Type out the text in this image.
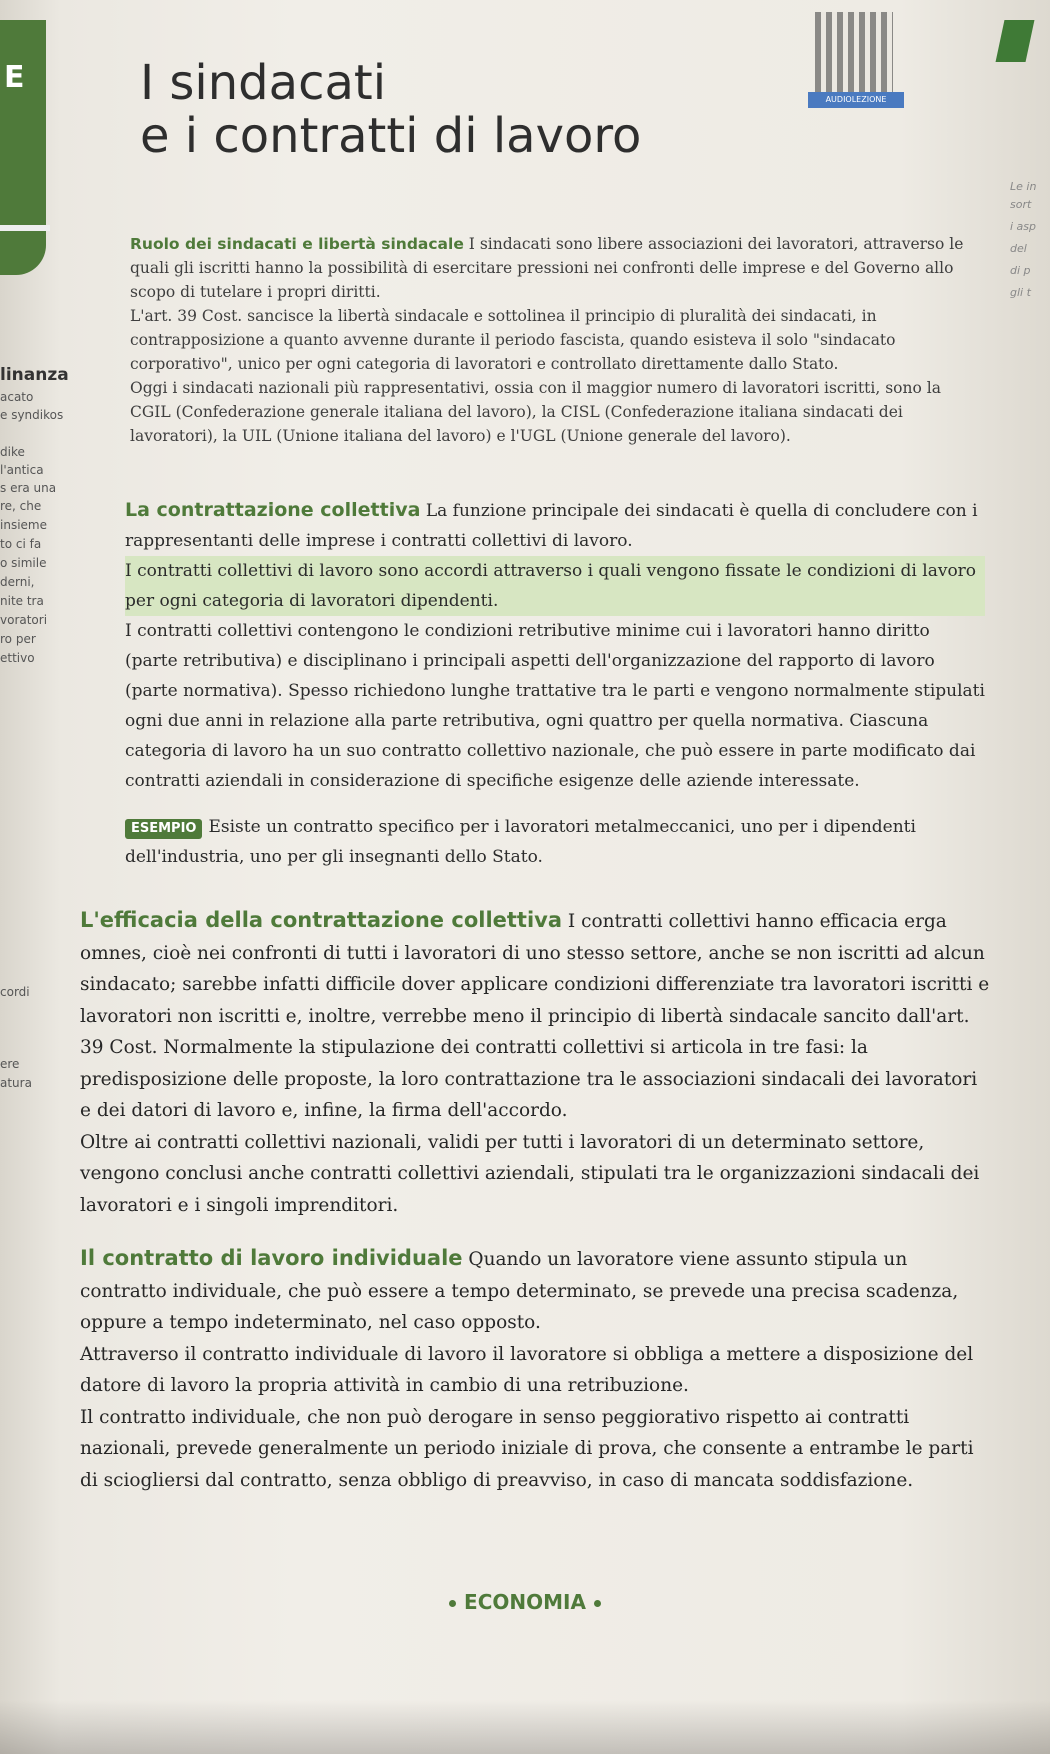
E I sindacati
e i contratti di lavoro
AUDIOLEZIONE
linanza
acato
e syndikos
dike
l'antica
s era una
re, che
insieme
to ci fa
o simile
derni,
nite tra
voratori
ro per
ettivo
cordi
ere
atura
Le in
sort
i asp
del
di p
gli t

Ruolo dei sindacati e libertà sindacale I sindacati sono libere associazioni dei lavoratori, attraverso le quali gli iscritti hanno la possibilità di esercitare pressioni nei confronti delle imprese e del Governo allo scopo di tutelare i propri diritti.

L'art. 39 Cost. sancisce la libertà sindacale e sottolinea il principio di pluralità dei sindacati, in contrapposizione a quanto avvenne durante il periodo fascista, quando esisteva il solo "sindacato corporativo", unico per ogni categoria di lavoratori e controllato direttamente dallo Stato.

Oggi i sindacati nazionali più rappresentativi, ossia con il maggior numero di lavoratori iscritti, sono la CGIL (Confederazione generale italiana del lavoro), la CISL (Confederazione italiana sindacati dei lavoratori), la UIL (Unione italiana del lavoro) e l'UGL (Unione generale del lavoro).

La contrattazione collettiva La funzione principale dei sindacati è quella di concludere con i rappresentanti delle imprese i contratti collettivi di lavoro.

I contratti collettivi di lavoro sono accordi attraverso i quali vengono fissate le condizioni di lavoro per ogni categoria di lavoratori dipendenti.

I contratti collettivi contengono le condizioni retributive minime cui i lavoratori hanno diritto (parte retributiva) e disciplinano i principali aspetti dell'organizzazione del rapporto di lavoro (parte normativa). Spesso richiedono lunghe trattative tra le parti e vengono normalmente stipulati ogni due anni in relazione alla parte retributiva, ogni quattro per quella normativa. Ciascuna categoria di lavoro ha un suo contratto collettivo nazionale, che può essere in parte modificato dai contratti aziendali in considerazione di specifiche esigenze delle aziende interessate.

ESEMPIO Esiste un contratto specifico per i lavoratori metalmeccanici, uno per i dipendenti dell'industria, uno per gli insegnanti dello Stato.

L'efficacia della contrattazione collettiva I contratti collettivi hanno efficacia erga omnes, cioè nei confronti di tutti i lavoratori di uno stesso settore, anche se non iscritti ad alcun sindacato; sarebbe infatti difficile dover applicare condizioni differenziate tra lavoratori iscritti e lavoratori non iscritti e, inoltre, verrebbe meno il principio di libertà sindacale sancito dall'art. 39 Cost. Normalmente la stipulazione dei contratti collettivi si articola in tre fasi: la predisposizione delle proposte, la loro contrattazione tra le associazioni sindacali dei lavoratori e dei datori di lavoro e, infine, la firma dell'accordo.

Oltre ai contratti collettivi nazionali, validi per tutti i lavoratori di un determinato settore, vengono conclusi anche contratti collettivi aziendali, stipulati tra le organizzazioni sindacali dei lavoratori e i singoli imprenditori.

Il contratto di lavoro individuale Quando un lavoratore viene assunto stipula un contratto individuale, che può essere a tempo determinato, se prevede una precisa scadenza, oppure a tempo indeterminato, nel caso opposto.

Attraverso il contratto individuale di lavoro il lavoratore si obbliga a mettere a disposizione del datore di lavoro la propria attività in cambio di una retribuzione.

Il contratto individuale, che non può derogare in senso peggiorativo rispetto ai contratti nazionali, prevede generalmente un periodo iniziale di prova, che consente a entrambe le parti di sciogliersi dal contratto, senza obbligo di preavviso, in caso di mancata soddisfazione.

ECONOMIA
